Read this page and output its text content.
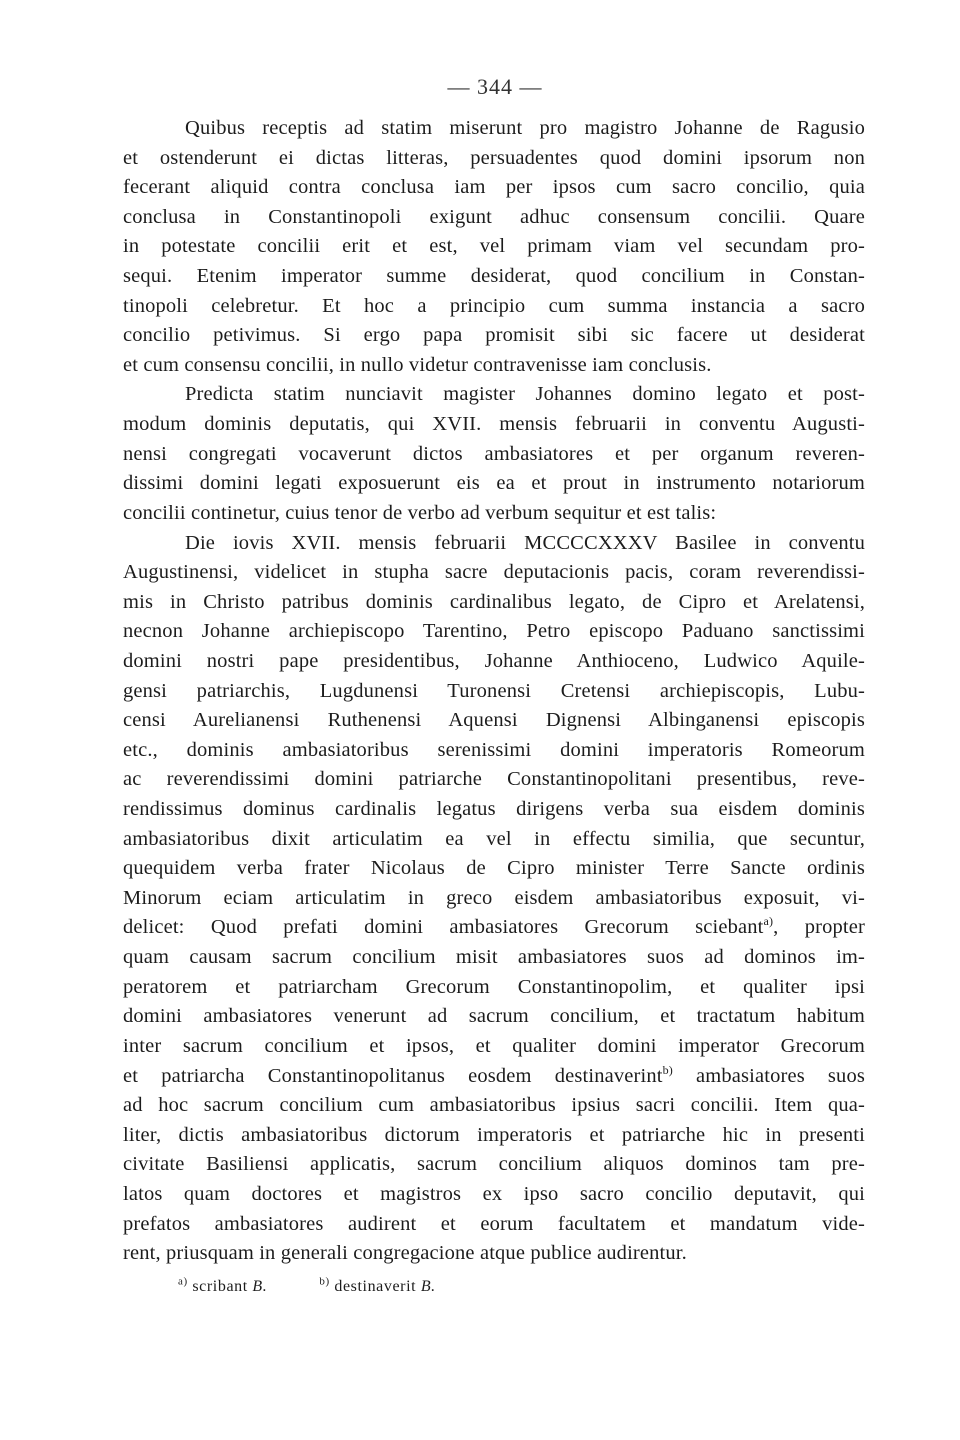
— 344 —
Quibus receptis ad statim miserunt pro magistro Johanne de Ragusio
et ostenderunt ei dictas litteras, persuadentes quod domini ipsorum non
fecerant aliquid contra conclusa iam per ipsos cum sacro concilio, quia
conclusa in Constantinopoli exigunt adhuc consensum concilii. Quare
in potestate concilii erit et est, vel primam viam vel secundam pro-
sequi. Etenim imperator summe desiderat, quod concilium in Constan-
tinopoli celebretur. Et hoc a principio cum summa instancia a sacro
concilio petivimus. Si ergo papa promisit sibi sic facere ut desiderat
et cum consensu concilii, in nullo videtur contravenisse iam conclusis.
Predicta statim nunciavit magister Johannes domino legato et post-
modum dominis deputatis, qui XVII. mensis februarii in conventu Augusti-
nensi congregati vocaverunt dictos ambasiatores et per organum reveren-
dissimi domini legati exposuerunt eis ea et prout in instrumento notariorum
concilii continetur, cuius tenor de verbo ad verbum sequitur et est talis:
Die iovis XVII. mensis februarii MCCCCXXXV Basilee in conventu
Augustinensi, videlicet in stupha sacre deputacionis pacis, coram reverendissi-
mis in Christo patribus dominis cardinalibus legato, de Cipro et Arelatensi,
necnon Johanne archiepiscopo Tarentino, Petro episcopo Paduano sanctissimi
domini nostri pape presidentibus, Johanne Anthioceno, Ludwico Aquile-
gensi patriarchis, Lugdunensi Turonensi Cretensi archiepiscopis, Lubu-
censi Aurelianensi Ruthenensi Aquensi Dignensi Albinganensi episcopis
etc., dominis ambasiatoribus serenissimi domini imperatoris Romeorum
ac reverendissimi domini patriarche Constantinopolitani presentibus, reve-
rendissimus dominus cardinalis legatus dirigens verba sua eisdem dominis
ambasiatoribus dixit articulatim ea vel in effectu similia, que secuntur,
quequidem verba frater Nicolaus de Cipro minister Terre Sancte ordinis
Minorum eciam articulatim in greco eisdem ambasiatoribus exposuit, vi-
delicet: Quod prefati domini ambasiatores Grecorum sciebant$^{a)}$, propter
quam causam sacrum concilium misit ambasiatores suos ad dominos im-
peratorem et patriarcham Grecorum Constantinopolim, et qualiter ipsi
domini ambasiatores venerunt ad sacrum concilium, et tractatum habitum
inter sacrum concilium et ipsos, et qualiter domini imperator Grecorum
et patriarcha Constantinopolitanus eosdem destinaverint$^{b)}$ ambasiatores suos
ad hoc sacrum concilium cum ambasiatoribus ipsius sacri concilii. Item qua-
liter, dictis ambasiatoribus dictorum imperatoris et patriarche hic in presenti
civitate Basiliensi applicatis, sacrum concilium aliquos dominos tam pre-
latos quam doctores et magistros ex ipso sacro concilio deputavit, qui
prefatos ambasiatores audirent et eorum facultatem et mandatum vide-
rent, priusquam in generali congregacione atque publice audirentur.
$^{a)}$ scribant B.	$^{b)}$ destinaverit B.
